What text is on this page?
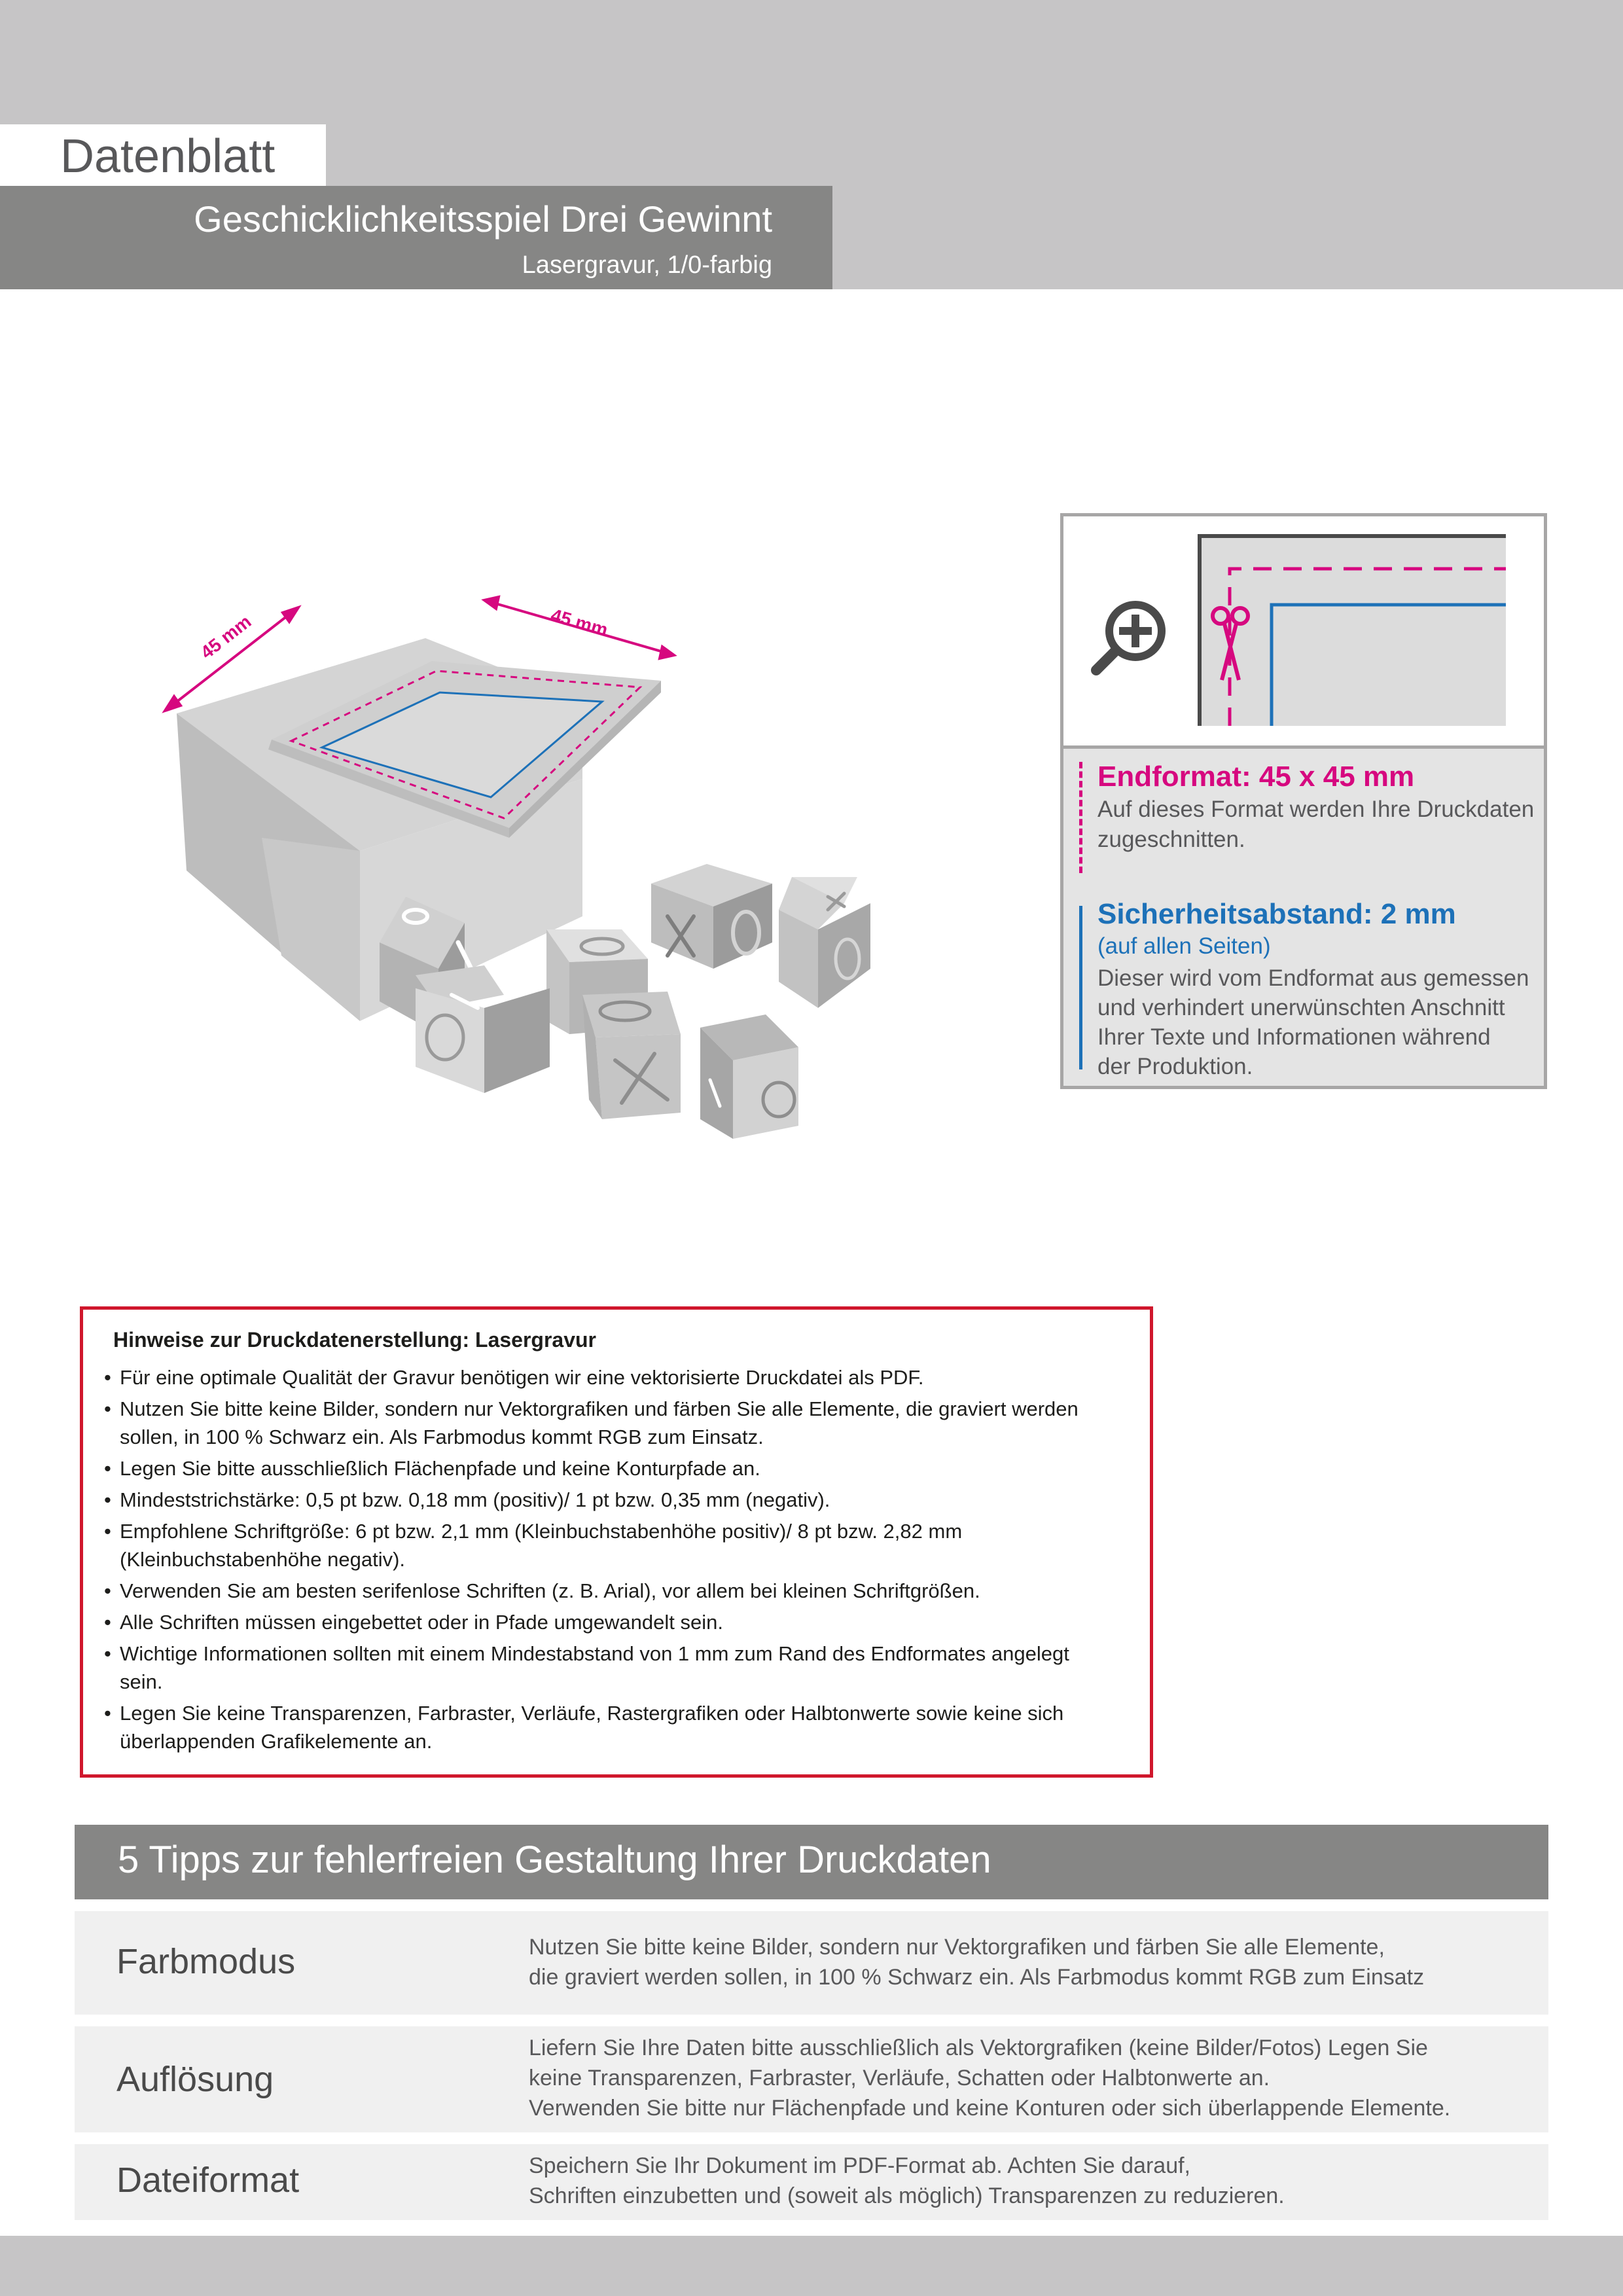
Datenblatt
Geschicklichkeitsspiel Drei Gewinnt
Lasergravur, 1/0-farbig
45 mm	45 mm
Endformat: 45 x 45 mm
Auf dieses Format werden Ihre Druckdaten
zugeschnitten.
Sicherheitsabstand: 2 mm
(auf allen Seiten)
Dieser wird vom Endformat aus gemessen
und verhindert unerwünschten Anschnitt
Ihrer Texte und Informationen während
der Produktion.
Hinweise zur Druckdatenerstellung: Lasergravur
• Für eine optimale Qualität der Gravur benötigen wir eine vektorisierte Druckdatei als PDF.
• Nutzen Sie bitte keine Bilder, sondern nur Vektorgrafiken und färben Sie alle Elemente, die graviert werden
sollen, in 100 % Schwarz ein. Als Farbmodus kommt RGB zum Einsatz.
• Legen Sie bitte ausschließlich Flächenpfade und keine Konturpfade an.
• Mindeststrichstärke: 0,5 pt bzw. 0,18 mm (positiv)/ 1 pt bzw. 0,35 mm (negativ).
• Empfohlene Schriftgröße: 6 pt bzw. 2,1 mm (Kleinbuchstabenhöhe positiv)/ 8 pt bzw. 2,82 mm
(Kleinbuchstabenhöhe negativ).
• Verwenden Sie am besten serifenlose Schriften (z. B. Arial), vor allem bei kleinen Schriftgrößen.
• Alle Schriften müssen eingebettet oder in Pfade umgewandelt sein.
• Wichtige Informationen sollten mit einem Mindestabstand von 1 mm zum Rand des Endformates angelegt
sein.
• Legen Sie keine Transparenzen, Farbraster, Verläufe, Rastergrafiken oder Halbtonwerte sowie keine sich
überlappenden Grafikelemente an.
5 Tipps zur fehlerfreien Gestaltung Ihrer Druckdaten
Farbmodus	Nutzen Sie bitte keine Bilder, sondern nur Vektorgrafiken und färben Sie alle Elemente,
die graviert werden sollen, in 100 % Schwarz ein. Als Farbmodus kommt RGB zum Einsatz
Auflösung
Liefern Sie Ihre Daten bitte ausschließlich als Vektorgrafiken (keine Bilder/Fotos) Legen Sie
keine Transparenzen, Farbraster, Verläufe, Schatten oder Halbtonwerte an.
Verwenden Sie bitte nur Flächenpfade und keine Konturen oder sich überlappende Elemente.
Dateiformat	Speichern Sie Ihr Dokument im PDF-Format ab. Achten Sie darauf,
Schriften einzubetten und (soweit als möglich) Transparenzen zu reduzieren.
